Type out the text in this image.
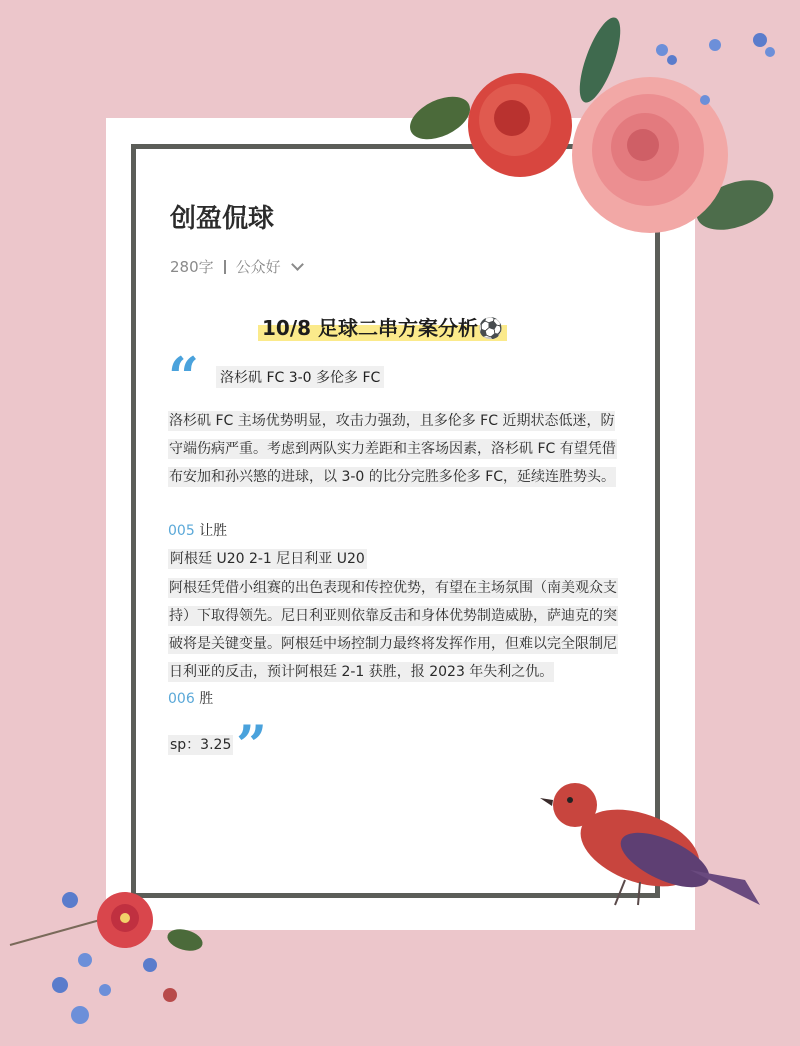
创盈侃球
280字 公众好
10/8 足球二串方案分析⚽
“ 洛杉矶 FC 3-0 多伦多 FC
洛杉矶 FC 主场优势明显，攻击力强劲，且多伦多 FC 近期状态低迷，防守端伤病严重。考虑到两队实力差距和主客场因素，洛杉矶 FC 有望凭借布安加和孙兴慜的进球，以 3-0 的比分完胜多伦多 FC，延续连胜势头。
005 让胜
阿根廷 U20 2-1 尼日利亚 U20
阿根廷凭借小组赛的出色表现和传控优势，有望在主场氛围（南美观众支持）下取得领先。尼日利亚则依靠反击和身体优势制造威胁，萨迪克的突破将是关键变量。阿根廷中场控制力最终将发挥作用，但难以完全限制尼日利亚的反击，预计阿根廷 2-1 获胜，报 2023 年失利之仇。
006 胜
sp：3.25 ”
